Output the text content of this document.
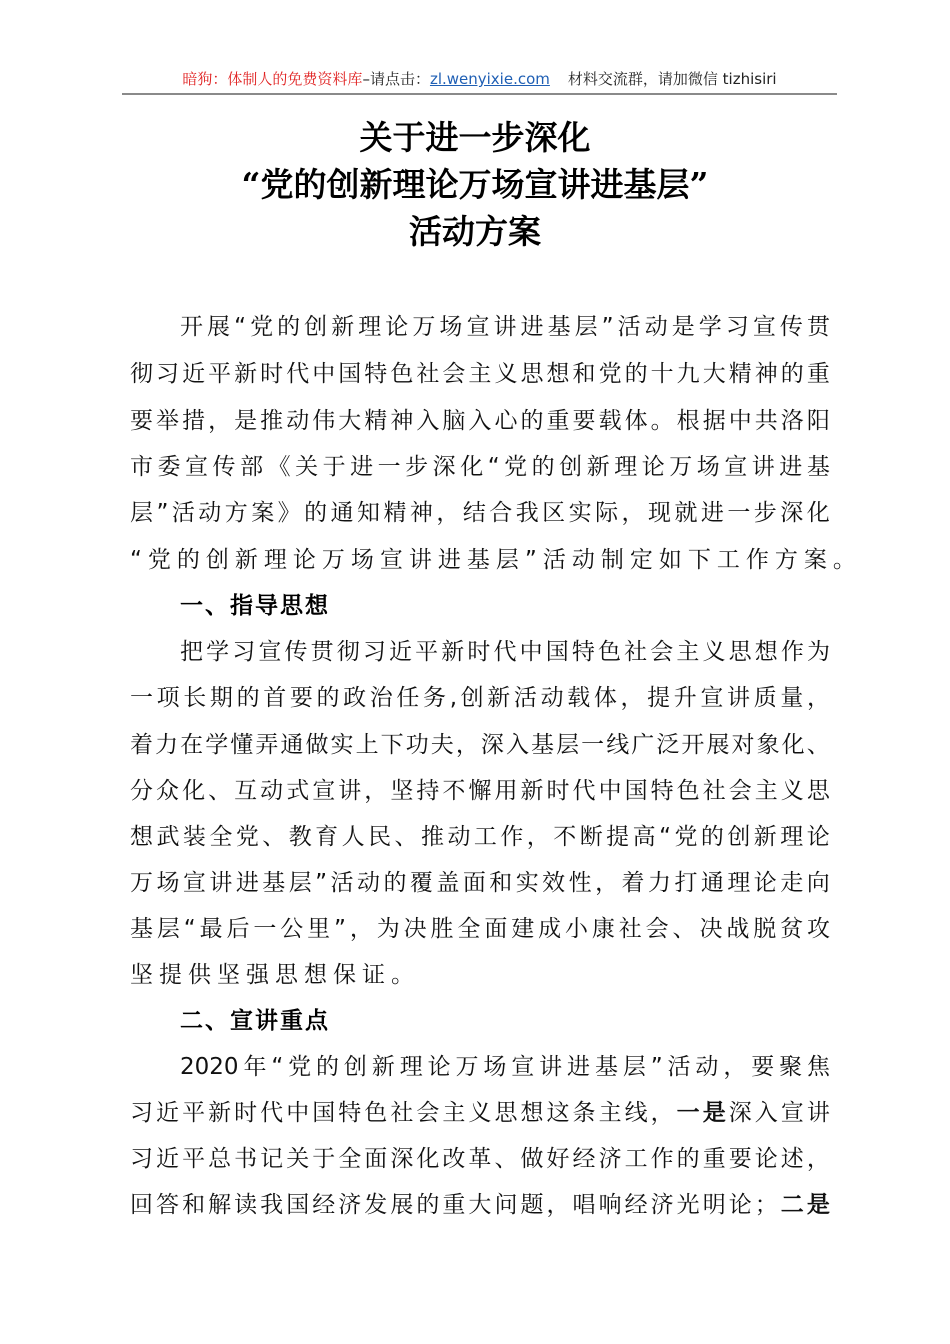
暗狗：体制人的免费资料库–请点击：zl.wenyixie.com 材料交流群，请加微信 tizhisiri
关于进一步深化
“党的创新理论万场宣讲进基层”
活动方案
开 展 “ 党 的 创 新 理 论 万 场 宣 讲 进 基 层 ” 活 动 是 学 习 宣 传 贯
彻 习 近 平 新 时 代 中 国 特 色 社 会 主 义 思 想 和 党 的 十 九 大 精 神 的 重
要 举 措 ， 是 推 动 伟 大 精 神 入 脑 入 心 的 重 要 载 体 。 根 据 中 共 洛 阳
市 委 宣 传 部 《 关 于 进 一 步 深 化 “ 党 的 创 新 理 论 万 场 宣 讲 进 基
层 ” 活 动 方 案 》 的 通 知 精 神 ， 结 合 我 区 实 际 ， 现 就 进 一 步 深 化
“党的创新理论万场宣讲进基层”活动制定如下工作方案。
一、指导思想
把 学 习 宣 传 贯 彻 习 近 平 新 时 代 中 国 特 色 社 会 主 义 思 想 作 为
一 项 长 期 的 首 要 的 政 治 任 务 , 创 新 活 动 载 体 ， 提 升 宣 讲 质 量 ，
着 力 在 学 懂 弄 通 做 实 上 下 功 夫 ， 深 入 基 层 一 线 广 泛 开 展 对 象 化 、
分 众 化 、 互 动 式 宣 讲 ， 坚 持 不 懈 用 新 时 代 中 国 特 色 社 会 主 义 思
想 武 装 全 党 、 教 育 人 民 、 推 动 工 作 ， 不 断 提 高 “ 党 的 创 新 理 论
万 场 宣 讲 进 基 层 ” 活 动 的 覆 盖 面 和 实 效 性 ， 着 力 打 通 理 论 走 向
基 层 “ 最 后 一 公 里 ” ， 为 决 胜 全 面 建 成 小 康 社 会 、 决 战 脱 贫 攻
坚提供坚强思想保证。
二、宣讲重点
2020 年 “ 党 的 创 新 理 论 万 场 宣 讲 进 基 层 ” 活 动 ， 要 聚 焦
习 近 平 新 时 代 中 国 特 色 社 会 主 义 思 想 这 条 主 线 ， 一 是 深 入 宣 讲
习 近 平 总 书 记 关 于 全 面 深 化 改 革 、 做 好 经 济 工 作 的 重 要 论 述 ，
回 答 和 解 读 我 国 经 济 发 展 的 重 大 问 题 ， 唱 响 经 济 光 明 论 ； 二 是
